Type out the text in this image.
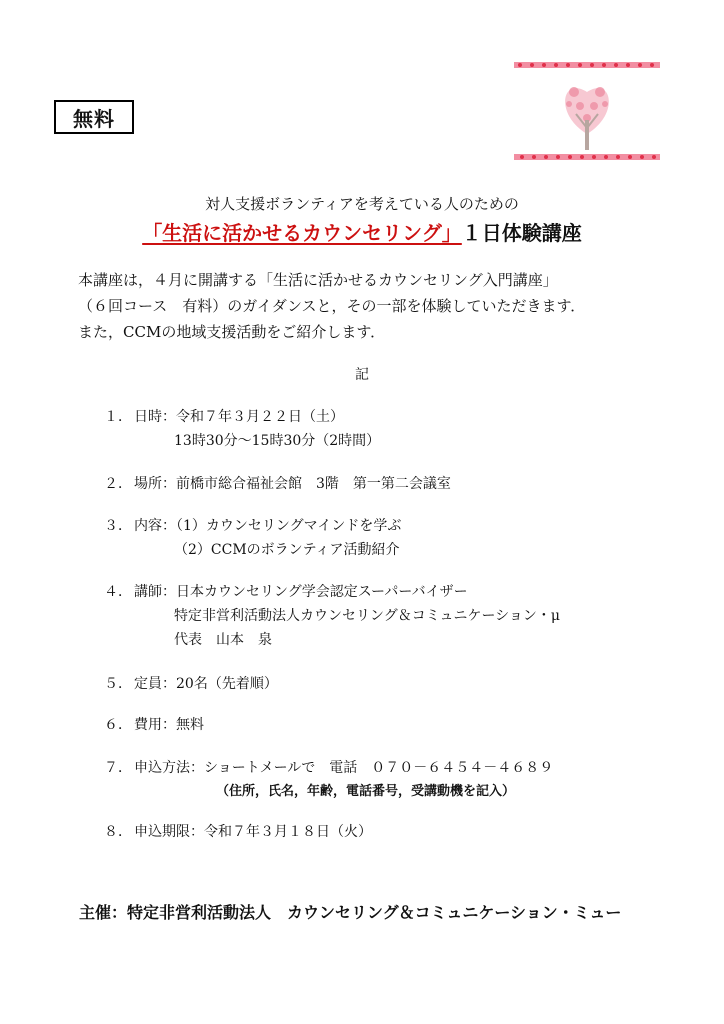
無料
対人支援ボランティアを考えている人のための
「生活に活かせるカウンセリング」１日体験講座
本講座は，４月に開講する「生活に活かせるカウンセリング入門講座」
（６回コース　有料）のガイダンスと，その一部を体験していただきます．
また，CCMの地域支援活動をご紹介します．
記
１． 日時：令和７年３月２２日（土）
13時30分～15時30分（2時間）
２． 場所：前橋市総合福祉会館　3階　第一第二会議室
３． 内容：（1）カウンセリングマインドを学ぶ
（2）CCMのボランティア活動紹介
４． 講師：日本カウンセリング学会認定スーパーバイザー
特定非営利活動法人カウンセリング＆コミュニケーション・μ
代表　山本　泉
５． 定員：20名（先着順）
６． 費用：無料
７． 申込方法：ショートメールで　電話　０７０－６４５４－４６８９
（住所，氏名，年齢，電話番号，受講動機を記入）
８． 申込期限：令和７年３月１８日（火）
主催：特定非営利活動法人　カウンセリング＆コミュニケーション・ミュー
